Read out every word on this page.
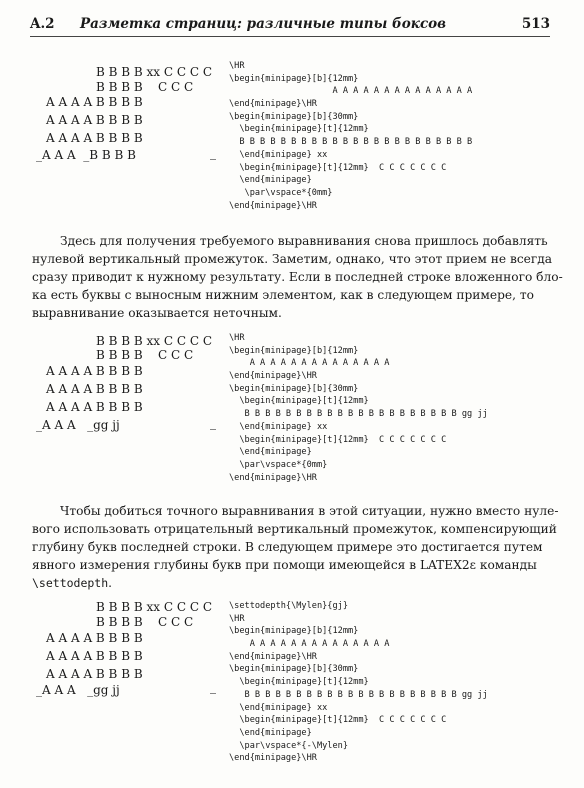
A.2 Разметка страниц: различные типы боксов	513
B B B B xx C C C C
B B B B    C C C
A A A A B B B B
A A A A B B B B
A A A A B B B B
_A A A  _B B B B	_
\HR
\begin{minipage}[b]{12mm}
A A A A A A A A A A A A A A
\end{minipage}\HR
\begin{minipage}[b]{30mm}
\begin{minipage}[t]{12mm}
B B B B B B B B B B B B B B B B B B B B B B B
\end{minipage} xx
\begin{minipage}[t]{12mm}  C C C C C C C
\end{minipage}
\par\vspace*{0mm}
\end{minipage}\HR
Здесь для получения требуемого выравнивания снова пришлось добавлять
нулевой вертикальный промежуток. Заметим, однако, что этот прием не всегда
сразу приводит к нужному результату. Если в последней строке вложенного бло-
ка есть буквы с выносным нижним элементом, как в следующем примере, то
выравнивание оказывается неточным.
B B B B xx C C C C
B B B B    C C C
A A A A B B B B
A A A A B B B B
A A A A B B B B
_A A A   _gg jj	_
\HR
\begin{minipage}[b]{12mm}
A A A A A A A A A A A A A A
\end{minipage}\HR
\begin{minipage}[b]{30mm}
\begin{minipage}[t]{12mm}
B B B B B B B B B B B B B B B B B B B B B gg jj
\end{minipage} xx
\begin{minipage}[t]{12mm}  C C C C C C C
\end{minipage}
\par\vspace*{0mm}
\end{minipage}\HR
Чтобы добиться точного выравнивания в этой ситуации, нужно вместо нуле-
вого использовать отрицательный вертикальный промежуток, компенсирующий
глубину букв последней строки. В следующем примере это достигается путем
явного измерения глубины букв при помощи имеющейся в LATEX2ε команды
\settodepth.
B B B B xx C C C C
B B B B    C C C
A A A A B B B B
A A A A B B B B
A A A A B B B B
_A A A   _gg jj	_
\settodepth{\Mylen}{gj}
\HR
\begin{minipage}[b]{12mm}
A A A A A A A A A A A A A A
\end{minipage}\HR
\begin{minipage}[b]{30mm}
\begin{minipage}[t]{12mm}
B B B B B B B B B B B B B B B B B B B B B gg jj
\end{minipage} xx
\begin{minipage}[t]{12mm}  C C C C C C C
\end{minipage}
\par\vspace*{-\Mylen}
\end{minipage}\HR
